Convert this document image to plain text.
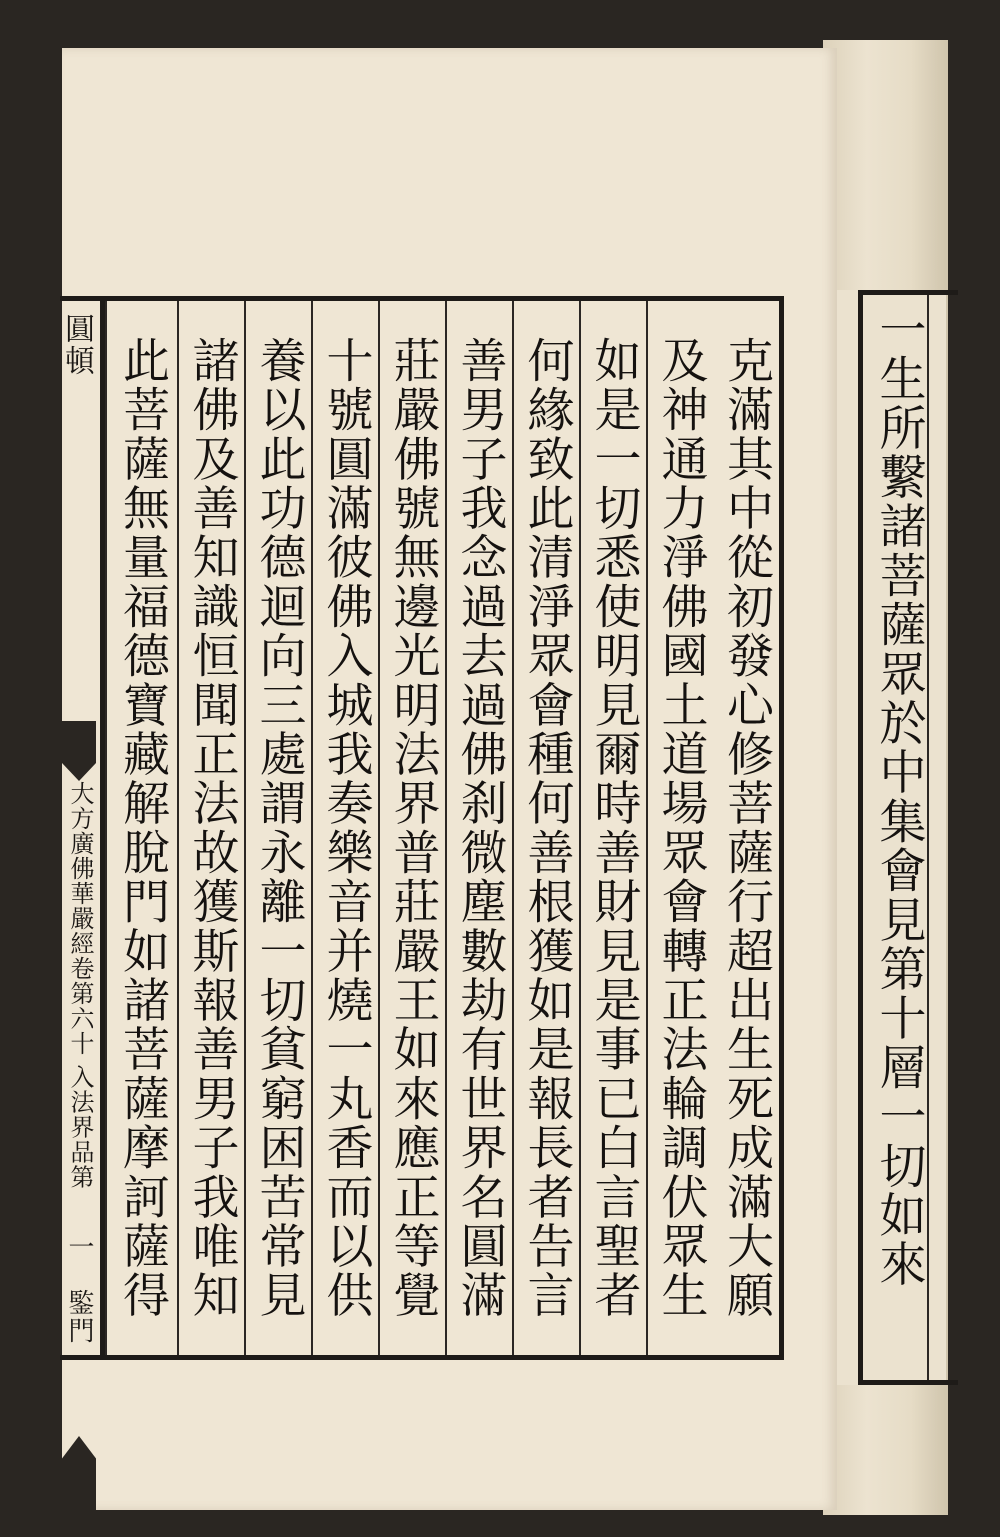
圓頓
大方廣佛華嚴經卷第六十 入法界品第
一　鍳門	克滿其中從初發心修菩薩行超出生死成滿大願
及神通力淨佛國土道場眾會轉正法輪調伏眾生
如是一切悉使明見爾時善財見是事已白言聖者
何緣致此清淨眾會種何善根獲如是報長者告言
善男子我念過去過佛刹微塵數劫有世界名圓滿
莊嚴佛號無邊光明法界普莊嚴王如來應正等覺
十號圓滿彼佛入城我奏樂音并燒一丸香而以供
養以此功德迴向三處謂永離一切貧窮困苦常見
諸佛及善知識恒聞正法故獲斯報善男子我唯知
此菩薩無量福德寶藏解脫門如諸菩薩摩訶薩得	一生所繫諸菩薩眾於中集會見第十層一切如來
